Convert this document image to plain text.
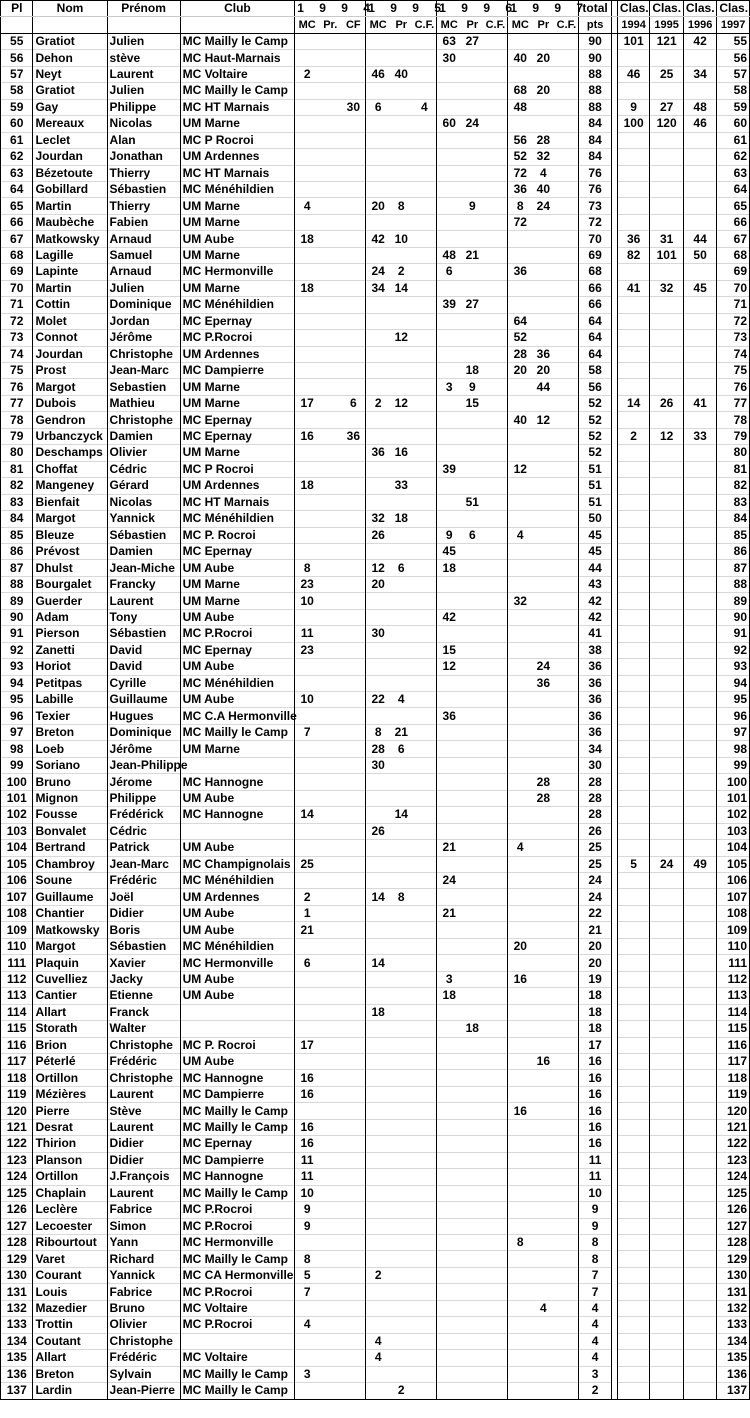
Pl	Nom	Prénom	Club	1 9 9 4			1 9 9 5			1 9 9 6			1 9 9 7			total		Clas.	Clas.	Clas.	Clas.
				MC	Pr.	CF	MC	Pr	C.F.	MC	Pr	C.F.	MC	Pr	C.F.	pts		1994	1995	1996	1997
55	Gratiot	Julien	MC Mailly le Camp							63	27					90		101	121	42	55
56	Dehon	stève	MC Haut-Marnais							30			40	20		90					56
57	Neyt	Laurent	MC Voltaire	2			46	40								88		46	25	34	57
58	Gratiot	Julien	MC Mailly le Camp										68	20		88					58
59	Gay	Philippe	MC HT Marnais			30	6		4				48			88		9	27	48	59
60	Mereaux	Nicolas	UM Marne							60	24					84		100	120	46	60
61	Leclet	Alan	MC P Rocroi										56	28		84					61
62	Jourdan	Jonathan	UM Ardennes										52	32		84					62
63	Bézetoute	Thierry	MC HT Marnais										72	4		76					63
64	Gobillard	Sébastien	MC Ménéhildien										36	40		76					64
65	Martin	Thierry	UM Marne	4			20	8			9		8	24		73					65
66	Maubèche	Fabien	UM Marne										72			72					66
67	Matkowsky	Arnaud	UM Aube	18			42	10								70		36	31	44	67
68	Lagille	Samuel	UM Marne							48	21					69		82	101	50	68
69	Lapinte	Arnaud	MC Hermonville				24	2		6			36			68					69
70	Martin	Julien	UM Marne	18			34	14								66		41	32	45	70
71	Cottin	Dominique	MC Ménéhildien							39	27					66					71
72	Molet	Jordan	MC Epernay										64			64					72
73	Connot	Jérôme	MC P.Rocroi					12					52			64					73
74	Jourdan	Christophe	UM Ardennes										28	36		64					74
75	Prost	Jean-Marc	MC Dampierre								18		20	20		58					75
76	Margot	Sebastien	UM Marne							3	9			44		56					76
77	Dubois	Mathieu	UM Marne	17		6	2	12			15					52		14	26	41	77
78	Gendron	Christophe	MC Epernay										40	12		52					78
79	Urbanczyck	Damien	MC Epernay	16		36										52		2	12	33	79
80	Deschamps	Olivier	UM Marne				36	16								52					80
81	Choffat	Cédric	MC P Rocroi							39			12			51					81
82	Mangeney	Gérard	UM Ardennes	18				33								51					82
83	Bienfait	Nicolas	MC HT Marnais								51					51					83
84	Margot	Yannick	MC Ménéhildien				32	18								50					84
85	Bleuze	Sébastien	MC P. Rocroi				26			9	6		4			45					85
86	Prévost	Damien	MC Epernay							45						45					86
87	Dhulst	Jean-Miche	UM Aube	8			12	6		18						44					87
88	Bourgalet	Francky	UM Marne	23			20									43					88
89	Guerder	Laurent	UM Marne	10									32			42					89
90	Adam	Tony	UM Aube							42						42					90
91	Pierson	Sébastien	MC P.Rocroi	11			30									41					91
92	Zanetti	David	MC Epernay	23						15						38					92
93	Horiot	David	UM Aube							12				24		36					93
94	Petitpas	Cyrille	MC Ménéhildien											36		36					94
95	Labille	Guillaume	UM Aube	10			22	4								36					95
96	Texier	Hugues	MC C.A Hermonville							36						36					96
97	Breton	Dominique	MC Mailly le Camp	7			8	21								36					97
98	Loeb	Jérôme	UM Marne				28	6								34					98
99	Soriano	Jean-Philippe					30									30					99
100	Bruno	Jérome	MC Hannogne											28		28					100
101	Mignon	Philippe	UM Aube											28		28					101
102	Fousse	Frédérick	MC Hannogne	14				14								28					102
103	Bonvalet	Cédric					26									26					103
104	Bertrand	Patrick	UM Aube							21			4			25					104
105	Chambroy	Jean-Marc	MC Champignolais	25												25		5	24	49	105
106	Soune	Frédéric	MC Ménéhildien							24						24					106
107	Guillaume	Joël	UM Ardennes	2			14	8								24					107
108	Chantier	Didier	UM Aube	1						21						22					108
109	Matkowsky	Boris	UM Aube	21												21					109
110	Margot	Sébastien	MC Ménéhildien										20			20					110
111	Plaquin	Xavier	MC Hermonville	6			14									20					111
112	Cuvelliez	Jacky	UM Aube							3			16			19					112
113	Cantier	Etienne	UM Aube							18						18					113
114	Allart	Franck					18									18					114
115	Storath	Walter									18					18					115
116	Brion	Christophe	MC P. Rocroi	17												17					116
117	Péterlé	Frédéric	UM Aube											16		16					117
118	Ortillon	Christophe	MC Hannogne	16												16					118
119	Mézières	Laurent	MC Dampierre	16												16					119
120	Pierre	Stève	MC Mailly le Camp										16			16					120
121	Desrat	Laurent	MC Mailly le Camp	16												16					121
122	Thirion	Didier	MC Epernay	16												16					122
123	Planson	Didier	MC Dampierre	11												11					123
124	Ortillon	J.François	MC Hannogne	11												11					124
125	Chaplain	Laurent	MC Mailly le Camp	10												10					125
126	Leclère	Fabrice	MC P.Rocroi	9												9					126
127	Lecoester	Simon	MC P.Rocroi	9												9					127
128	Ribourtout	Yann	MC Hermonville										8			8					128
129	Varet	Richard	MC Mailly le Camp	8												8					129
130	Courant	Yannick	MC CA Hermonville	5			2									7					130
131	Louis	Fabrice	MC P.Rocroi	7												7					131
132	Mazedier	Bruno	MC Voltaire											4		4					132
133	Trottin	Olivier	MC P.Rocroi	4												4					133
134	Coutant	Christophe					4									4					134
135	Allart	Frédéric	MC Voltaire				4									4					135
136	Breton	Sylvain	MC Mailly le Camp	3												3					136
137	Lardin	Jean-Pierre	MC Mailly le Camp					2								2					137
